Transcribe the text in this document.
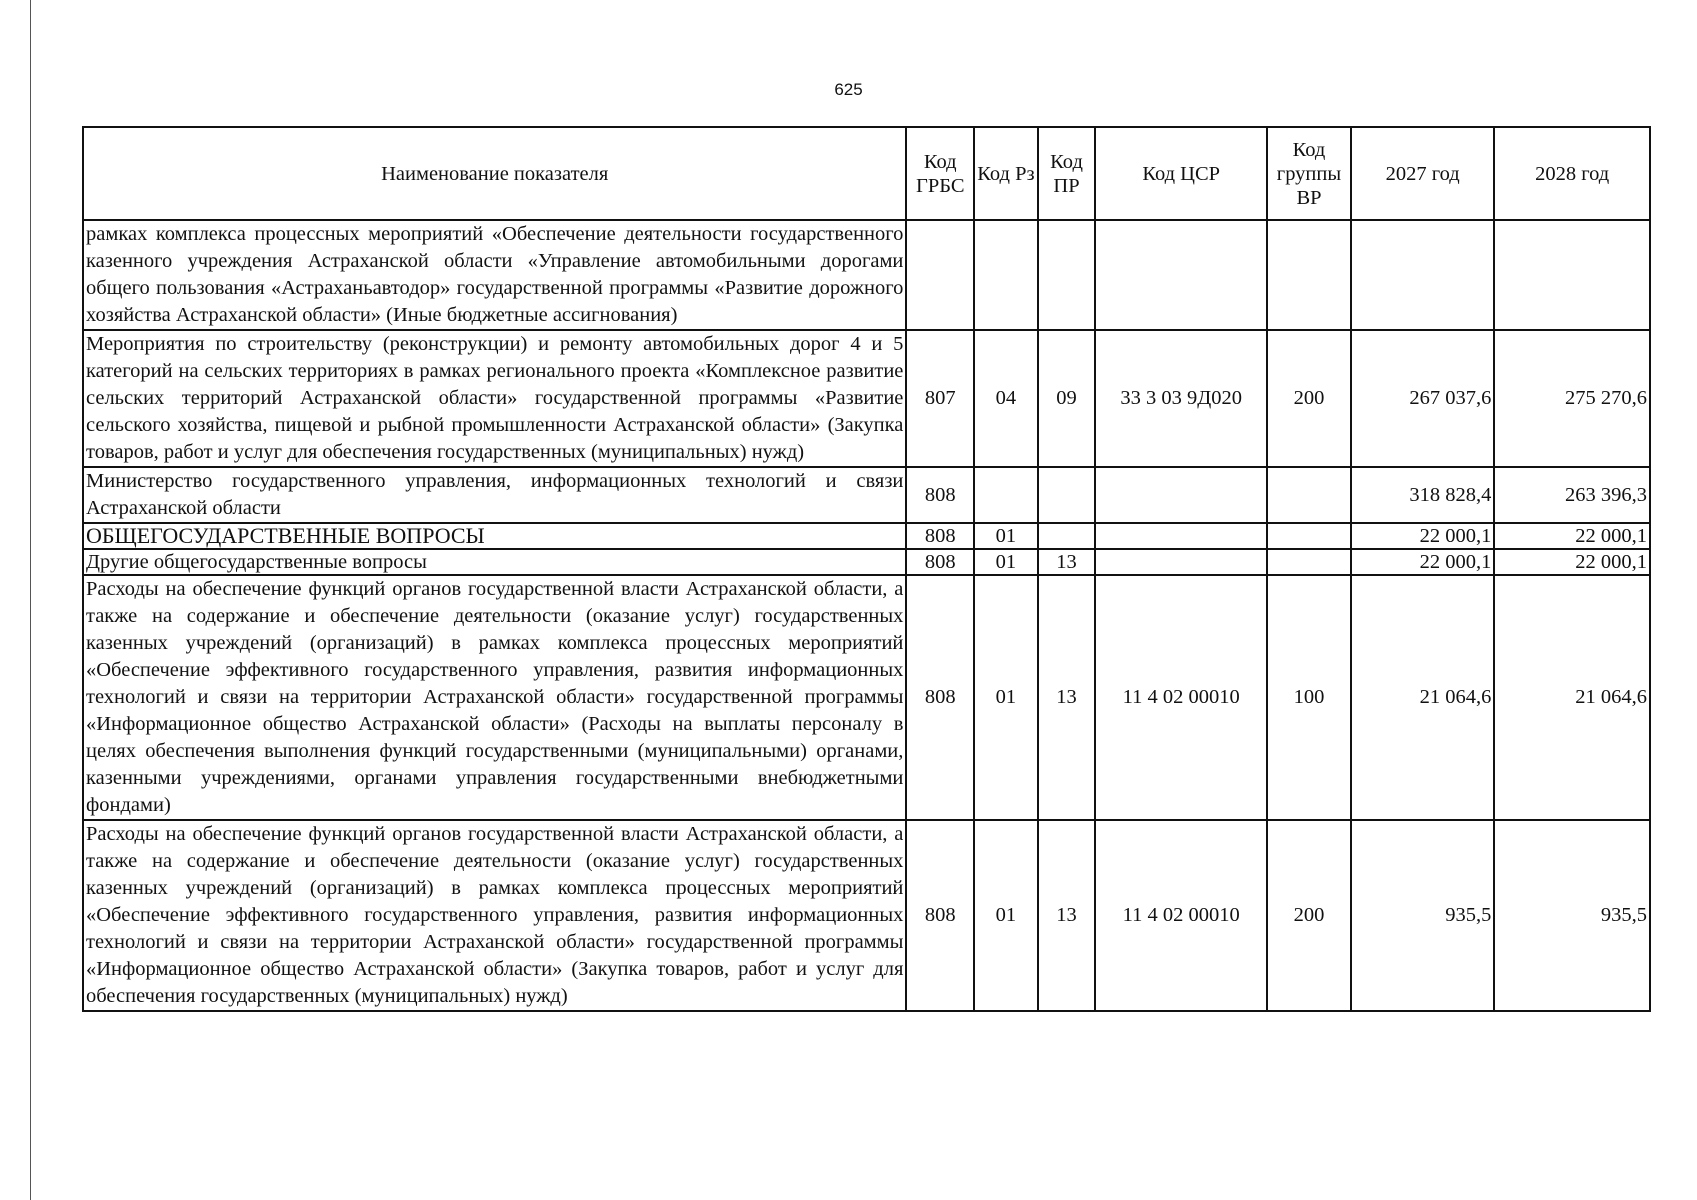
625
Наименование показателя	Код ГРБС	Код Рз	Код ПР	Код ЦСР	Код группы ВР	2027 год	2028 год
рамках комплекса процессных мероприятий «Обеспечение деятельности государственного казенного учреждения Астраханской области «Управление автомобильными дорогами общего пользования «Астраханьавтодор» государственной программы «Развитие дорожного хозяйства Астраханской области» (Иные бюджетные ассигнования)							
Мероприятия по строительству (реконструкции) и ремонту автомобильных дорог 4 и 5 категорий на сельских территориях в рамках регионального проекта «Комплексное развитие сельских территорий Астраханской области» государственной программы «Развитие сельского хозяйства, пищевой и рыбной промышленности Астраханской области» (Закупка товаров, работ и услуг для обеспечения государственных (муниципальных) нужд)	807	04	09	33 3 03 9Д020	200	267 037,6	275 270,6
Министерство государственного управления, информационных технологий и связи Астраханской области	808					318 828,4	263 396,3
ОБЩЕГОСУДАРСТВЕННЫЕ ВОПРОСЫ	808	01				22 000,1	22 000,1
Другие общегосударственные вопросы	808	01	13			22 000,1	22 000,1
Расходы на обеспечение функций органов государственной власти Астраханской области, а также на содержание и обеспечение деятельности (оказание услуг) государственных казенных учреждений (организаций) в рамках комплекса процессных мероприятий «Обеспечение эффективного государственного управления, развития информационных технологий и связи на территории Астраханской области» государственной программы «Информационное общество Астраханской области» (Расходы на выплаты персоналу в целях обеспечения выполнения функций государственными (муниципальными) органами, казенными учреждениями, органами управления государственными внебюджетными фондами)	808	01	13	11 4 02 00010	100	21 064,6	21 064,6
Расходы на обеспечение функций органов государственной власти Астраханской области, а также на содержание и обеспечение деятельности (оказание услуг) государственных казенных учреждений (организаций) в рамках комплекса процессных мероприятий «Обеспечение эффективного государственного управления, развития информационных технологий и связи на территории Астраханской области» государственной программы «Информационное общество Астраханской области» (Закупка товаров, работ и услуг для обеспечения государственных (муниципальных) нужд)	808	01	13	11 4 02 00010	200	935,5	935,5
